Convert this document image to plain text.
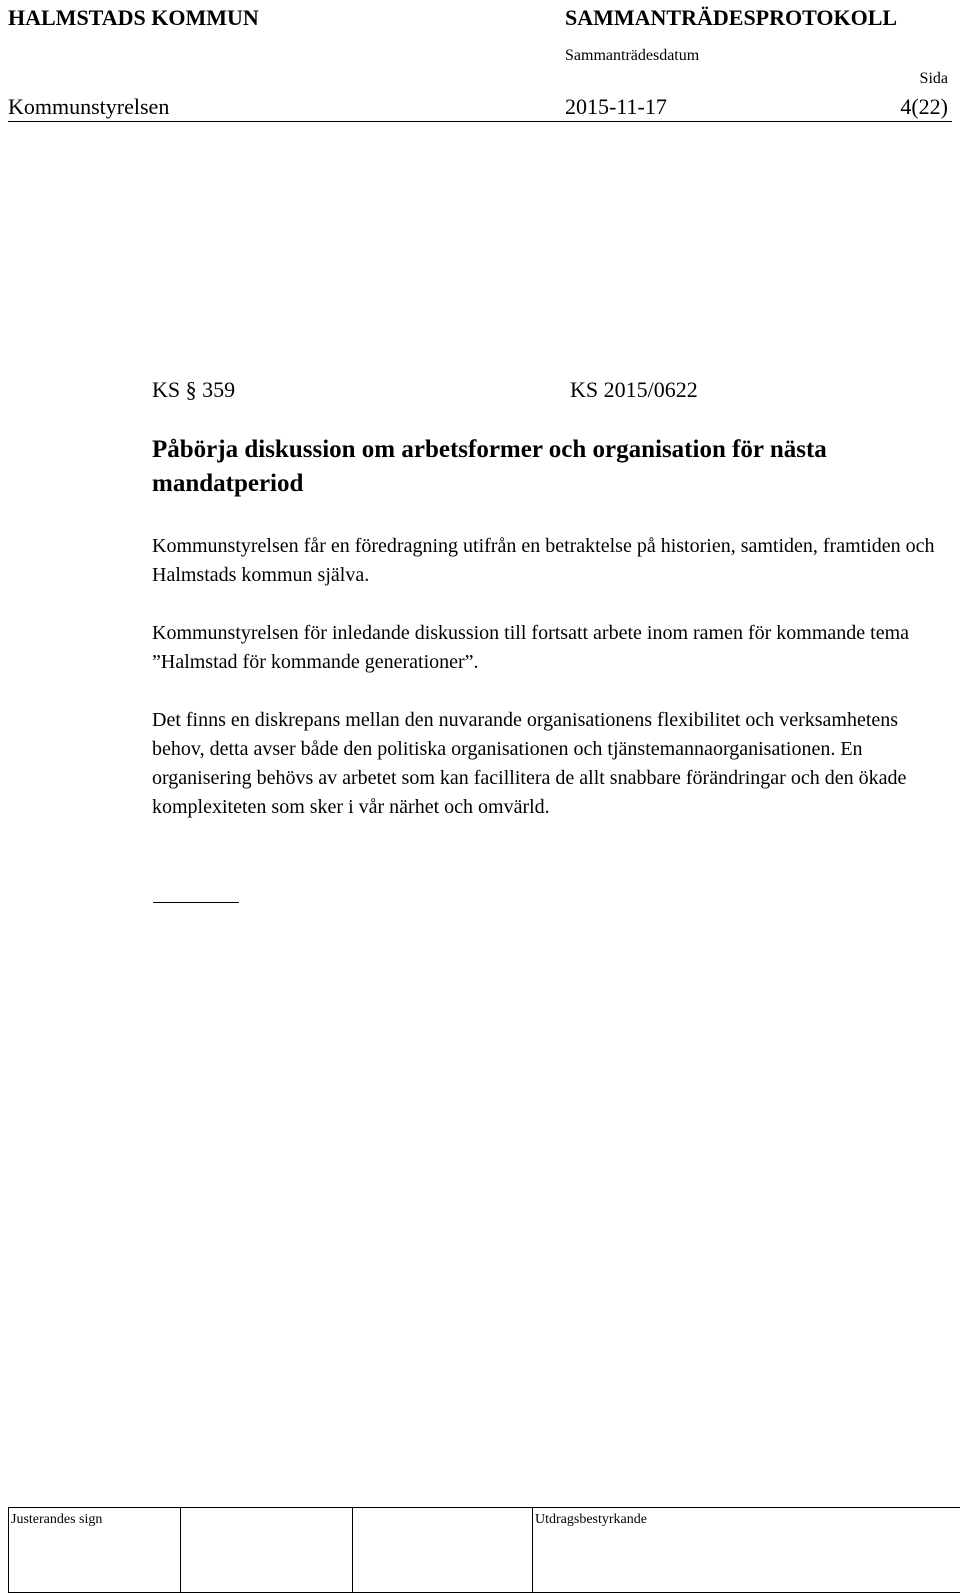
HALMSTADS KOMMUN	SAMMANTRÄDESPROTOKOLL
Sammanträdesdatum
Sida
Kommunstyrelsen	2015-11-17	4(22)
KS § 359	KS 2015/0622
Påbörja diskussion om arbetsformer och organisation för nästa mandatperiod
Kommunstyrelsen får en föredragning utifrån en betraktelse på historien, samtiden, framtiden och Halmstads kommun själva.
Kommunstyrelsen för inledande diskussion till fortsatt arbete inom ramen för kommande tema ”Halmstad för kommande generationer”.
Det finns en diskrepans mellan den nuvarande organisationens flexibilitet och verksamhetens behov, detta avser både den politiska organisationen och tjänstemannaorganisationen. En organisering behövs av arbetet som kan facillitera de allt snabbare förändringar och den ökade komplexiteten som sker i vår närhet och omvärld.
Justerandes sign			Utdragsbestyrkande
